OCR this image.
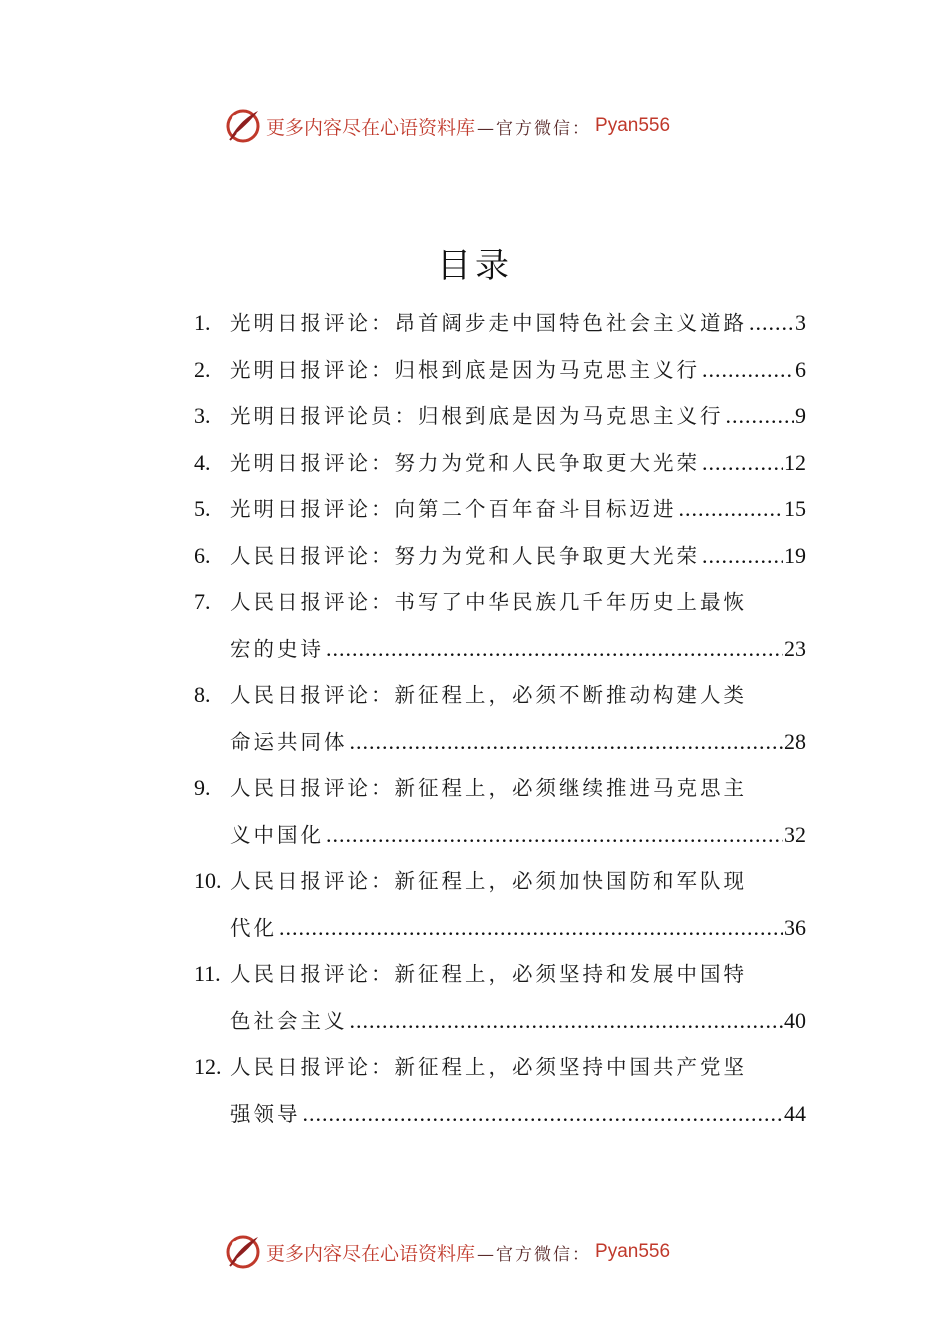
更多内容尽在心语资料库 —官方微信： Pyan556
目录
1. 光明日报评论：昂首阔步走中国特色社会主义道路 ..... 3
2. 光明日报评论：归根到底是因为马克思主义行 .....	6
3. 光明日报评论员：归根到底是因为马克思主义行 .....	9
4. 光明日报评论：努力为党和人民争取更大光荣 .....	12
5. 光明日报评论：向第二个百年奋斗目标迈进 .....	15
6. 人民日报评论：努力为党和人民争取更大光荣 .....	19
7. 人民日报评论：书写了中华民族几千年历史上最恢
宏的史诗 .....	23
8. 人民日报评论：新征程上，必须不断推动构建人类
命运共同体 .....	28
9. 人民日报评论：新征程上，必须继续推进马克思主
义中国化 .....	32
10. 人民日报评论：新征程上，必须加快国防和军队现
代化 .....	36
11. 人民日报评论：新征程上，必须坚持和发展中国特
色社会主义 .....	40
12. 人民日报评论：新征程上，必须坚持中国共产党坚
强领导 .....	44
更多内容尽在心语资料库 —官方微信： Pyan556
